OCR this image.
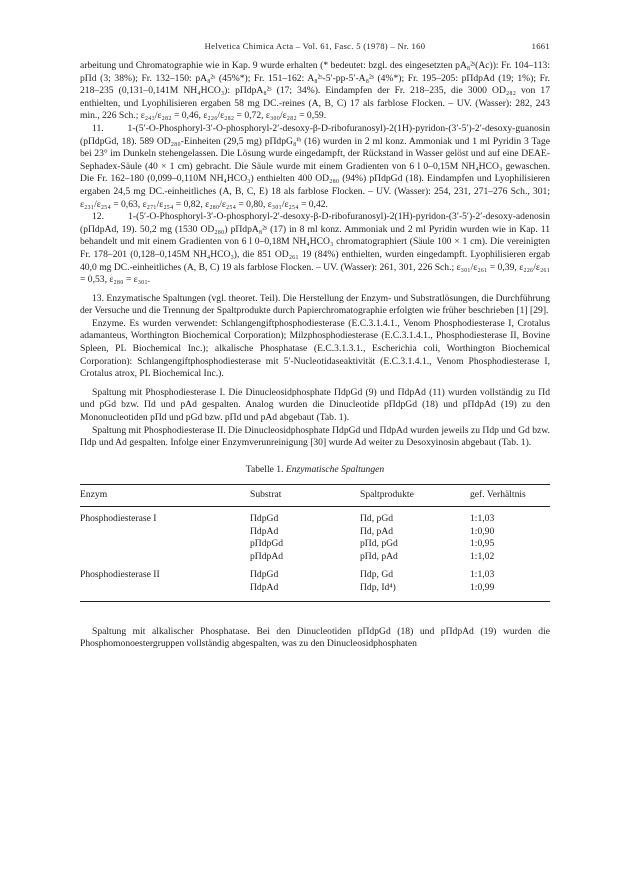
Helvetica Chimica Acta – Vol. 61, Fasc. 5 (1978) – Nr. 160	1661

arbeitung und Chromatographie wie in Kap. 9 wurde erhalten (* bedeutet: bzgl. des eingesetzten pA₈²ˢ(Ac)): Fr. 104–113: pΠd (3; 38%); Fr. 132–150: pA₈²ˢ (45%*); Fr. 151–162: A₈²ˢ-5′-pp-5′-A₈²ˢ (4%*); Fr. 195–205: pΠdpAd (19; 1%); Fr. 218–235 (0,131–0,141M NH₄HCO₃): pΠdpA₈²ˢ (17; 34%). Eindampfen der Fr. 218–235, die 3000 OD₂₈₂ von 17 enthielten, und Lyophilisieren ergaben 58 mg DC.-reines (A, B, C) 17 als farblose Flocken. – UV. (Wasser): 282, 243 min., 226 Sch.; ε₂₄₃/ε₂₈₂ = 0,46, ε₂₂₆/ε₂₈₂ = 0,72, ε₃₀₀/ε₂₈₂ = 0,59.

11. 1-(5′-O-Phosphoryl-3′-O-phosphoryl-2′-desoxy-β-D-ribofuranosyl)-2(1H)-pyridon-(3′-5′)-2′-desoxy-guanosin (pΠdpGd, 18). 589 OD₂₈₀-Einheiten (29,5 mg) pΠdpG₈ⁱᵇ (16) wurden in 2 ml konz. Ammoniak und 1 ml Pyridin 3 Tage bei 23° im Dunkeln stehengelassen. Die Lösung wurde eingedampft, der Rückstand in Wasser gelöst und auf eine DEAE-Sephadex-Säule (40 × 1 cm) gebracht. Die Säule wurde mit einem Gradienten von 6 l 0–0,15M NH₄HCO₃ gewaschen. Die Fr. 162–180 (0,099–0,110M NH₄HCO₃) enthielten 400 OD₂₈₀ (94%) pΠdpGd (18). Eindampfen und Lyophilisieren ergaben 24,5 mg DC.-einheitliches (A, B, C, E) 18 als farblose Flocken. – UV. (Wasser): 254, 231, 271–276 Sch., 301; ε₂₃₁/ε₂₅₄ = 0,63, ε₂₇₁/ε₂₅₄ = 0,82, ε₂₈₀/ε₂₅₄ = 0,80, ε₃₀₁/ε₂₅₄ = 0,42.

12. 1-(5′-O-Phosphoryl-3′-O-phosphoryl-2′-desoxy-β-D-ribofuranosyl)-2(1H)-pyridon-(3′-5′)-2′-desoxy-adenosin (pΠdpAd, 19). 50,2 mg (1530 OD₂₈₀) pΠdpA₈²ˢ (17) in 8 ml konz. Ammoniak und 2 ml Pyridin wurden wie in Kap. 11 behandelt und mit einem Gradienten von 6 l 0–0,18M NH₄HCO₃ chromatographiert (Säule 100 × 1 cm). Die vereinigten Fr. 178–201 (0,128–0,145M NH₄HCO₃), die 851 OD₂₆₁ 19 (84%) enthielten, wurden eingedampft. Lyophilisieren ergab 40,0 mg DC.-einheitliches (A, B, C) 19 als farblose Flocken. – UV. (Wasser): 261, 301, 226 Sch.; ε₃₀₁/ε₂₆₁ = 0,39, ε₂₂₆/ε₂₆₁ = 0,53, ε₂₈₀ = ε₃₀₁.

13. Enzymatische Spaltungen (vgl. theoret. Teil). Die Herstellung der Enzym- und Substratlösungen, die Durchführung der Versuche und die Trennung der Spaltprodukte durch Papierchromatographie erfolgten wie früher beschrieben [1] [29].

Enzyme. Es wurden verwendet: Schlangengiftphosphodiesterase (E.C.3.1.4.1., Venom Phosphodiesterase I, Crotalus adamanteus, Worthington Biochemical Corporation); Milzphosphodiesterase (E.C.3.1.4.1., Phosphodiesterase II, Bovine Spleen, PL Biochemical Inc.); alkalische Phosphatase (E.C.3.1.3.1., Escherichia coli, Worthington Biochemical Corporation): Schlangengiftphosphodiesterase mit 5′-Nucleotidaseaktivität (E.C.3.1.4.1., Venom Phosphodiesterase I, Crotalus atrox, PL Biochemical Inc.).

Spaltung mit Phosphodiesterase I. Die Dinucleosidphosphate ΠdpGd (9) und ΠdpAd (11) wurden vollständig zu Πd und pGd bzw. Πd und pAd gespalten. Analog wurden die Dinucleotide pΠdpGd (18) und pΠdpAd (19) zu den Mononucleotiden pΠd und pGd bzw. pΠd und pAd abgebaut (Tab. 1).

Spaltung mit Phosphodiesterase II. Die Dinucleosidphosphate ΠdpGd und ΠdpAd wurden jeweils zu Πdp und Gd bzw. Πdp und Ad gespalten. Infolge einer Enzymverunreinigung [30] wurde Ad weiter zu Desoxyinosin abgebaut (Tab. 1).

Tabelle 1. Enzymatische Spaltungen
Enzym	Substrat	Spaltprodukte	gef. Verhältnis
Phosphodiesterase I	ΠdpGd	Πd, pGd	1:1,03
	ΠdpAd	Πd, pAd	1:0,90
	pΠdpGd	pΠd, pGd	1:0,95
	pΠdpAd	pΠd, pAd	1:1,02
Phosphodiesterase II	ΠdpGd	Πdp, Gd	1:1,03
	ΠdpAd	Πdp, Id⁴)	1:0,99

Spaltung mit alkalischer Phosphatase. Bei den Dinucleotiden pΠdpGd (18) und pΠdpAd (19) wurden die Phosphomonoestergruppen vollständig abgespalten, was zu den Dinucleosidphosphaten
